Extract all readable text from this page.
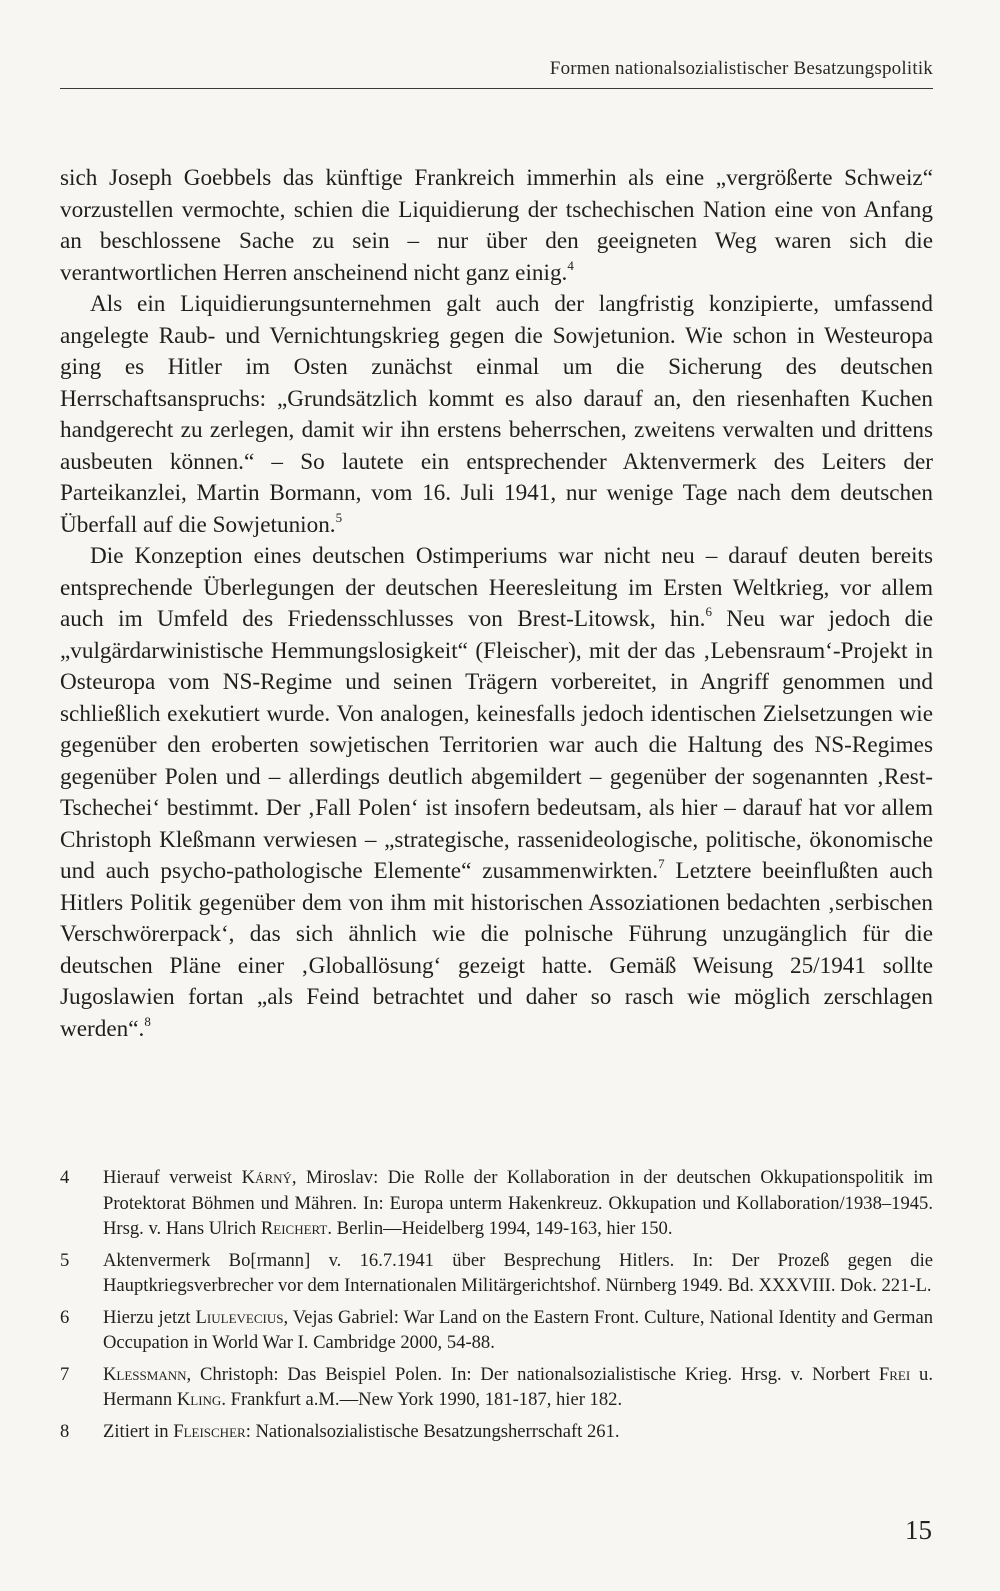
Formen nationalsozialistischer Besatzungspolitik

sich Joseph Goebbels das künftige Frankreich immerhin als eine „vergrößerte Schweiz“ vorzustellen vermochte, schien die Liquidierung der tschechischen Nation eine von Anfang an beschlossene Sache zu sein – nur über den geeigneten Weg waren sich die verantwortlichen Herren anscheinend nicht ganz einig.$^4$

Als ein Liquidierungsunternehmen galt auch der langfristig konzipierte, umfassend angelegte Raub- und Vernichtungskrieg gegen die Sowjetunion. Wie schon in Westeuropa ging es Hitler im Osten zunächst einmal um die Sicherung des deutschen Herrschaftsanspruchs: „Grundsätzlich kommt es also darauf an, den riesenhaften Kuchen handgerecht zu zerlegen, damit wir ihn erstens beherrschen, zweitens verwalten und drittens ausbeuten können.“ – So lautete ein entsprechender Aktenvermerk des Leiters der Parteikanzlei, Martin Bormann, vom 16. Juli 1941, nur wenige Tage nach dem deutschen Überfall auf die Sowjetunion.$^5$

Die Konzeption eines deutschen Ostimperiums war nicht neu – darauf deuten bereits entsprechende Überlegungen der deutschen Heeresleitung im Ersten Weltkrieg, vor allem auch im Umfeld des Friedensschlusses von Brest-Litowsk, hin.$^6$ Neu war jedoch die „vulgärdarwinistische Hemmungslosigkeit“ (Fleischer), mit der das ‚Lebensraum‘-Projekt in Osteuropa vom NS-Regime und seinen Trägern vorbereitet, in Angriff genommen und schließlich exekutiert wurde. Von analogen, keinesfalls jedoch identischen Zielsetzungen wie gegenüber den eroberten sowjetischen Territorien war auch die Haltung des NS-Regimes gegenüber Polen und – allerdings deutlich abgemildert – gegenüber der sogenannten ‚Rest-Tschechei‘ bestimmt. Der ‚Fall Polen‘ ist insofern bedeutsam, als hier – darauf hat vor allem Christoph Kleßmann verwiesen – „strategische, rassenideologische, politische, ökonomische und auch psycho-pathologische Elemente“ zusammenwirkten.$^7$ Letztere beeinflußten auch Hitlers Politik gegenüber dem von ihm mit historischen Assoziationen bedachten ‚serbischen Verschwörerpack‘, das sich ähnlich wie die polnische Führung unzugänglich für die deutschen Pläne einer ‚Globallösung‘ gezeigt hatte. Gemäß Weisung 25/1941 sollte Jugoslawien fortan „als Feind betrachtet und daher so rasch wie möglich zerschlagen werden“.$^8$

4	Hierauf verweist Kárný, Miroslav: Die Rolle der Kollaboration in der deutschen Okkupationspolitik im Protektorat Böhmen und Mähren. In: Europa unterm Hakenkreuz. Okkupation und Kollaboration/1938–1945. Hrsg. v. Hans Ulrich Reichert. Berlin—Heidelberg 1994, 149-163, hier 150.
5	Aktenvermerk Bo[rmann] v. 16.7.1941 über Besprechung Hitlers. In: Der Prozeß gegen die Hauptkriegsverbrecher vor dem Internationalen Militärgerichtshof. Nürnberg 1949. Bd. XXXVIII. Dok. 221-L.
6	Hierzu jetzt Liulevecius, Vejas Gabriel: War Land on the Eastern Front. Culture, National Identity and German Occupation in World War I. Cambridge 2000, 54-88.
7	Kleßmann, Christoph: Das Beispiel Polen. In: Der nationalsozialistische Krieg. Hrsg. v. Norbert Frei u. Hermann Kling. Frankfurt a.M.—New York 1990, 181-187, hier 182.
8	Zitiert in Fleischer: Nationalsozialistische Besatzungsherrschaft 261.
15
